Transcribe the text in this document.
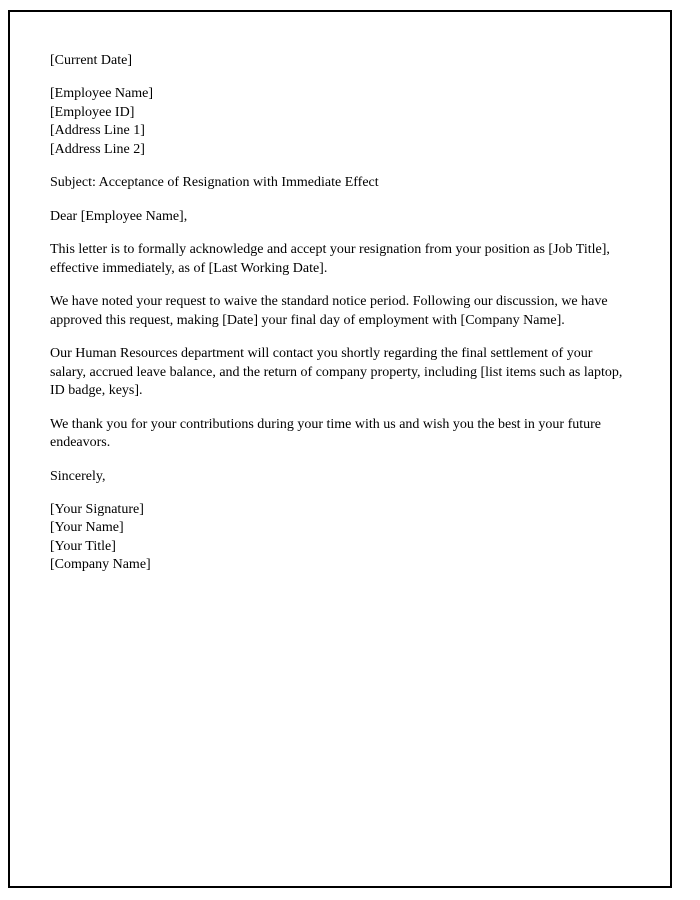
[Current Date]
[Employee Name]
[Employee ID]
[Address Line 1]
[Address Line 2]
Subject: Acceptance of Resignation with Immediate Effect
Dear [Employee Name],

This letter is to formally acknowledge and accept your resignation from your position as [Job Title], effective immediately, as of [Last Working Date].

We have noted your request to waive the standard notice period. Following our discussion, we have approved this request, making [Date] your final day of employment with [Company Name].

Our Human Resources department will contact you shortly regarding the final settlement of your salary, accrued leave balance, and the return of company property, including [list items such as laptop, ID badge, keys].

We thank you for your contributions during your time with us and wish you the best in your future endeavors.

Sincerely,
[Your Signature]
[Your Name]
[Your Title]
[Company Name]
